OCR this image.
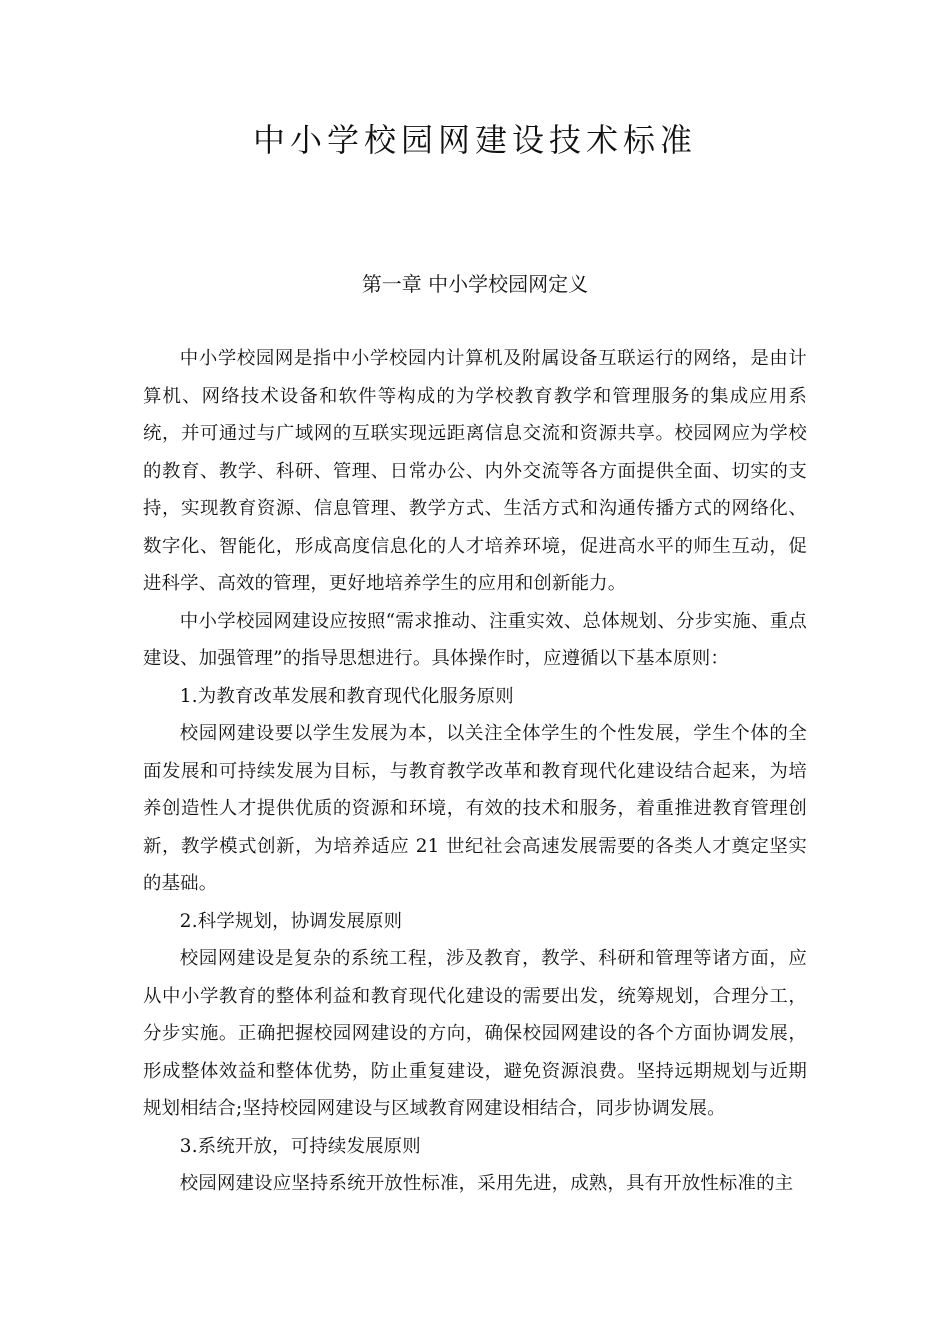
中小学校园网建设技术标准
第一章 中小学校园网定义

中小学校园网是指中小学校园内计算机及附属设备互联运行的网络，是由计算机、网络技术设备和软件等构成的为学校教育教学和管理服务的集成应用系统，并可通过与广域网的互联实现远距离信息交流和资源共享。校园网应为学校的教育、教学、科研、管理、日常办公、内外交流等各方面提供全面、切实的支持，实现教育资源、信息管理、教学方式、生活方式和沟通传播方式的网络化、数字化、智能化，形成高度信息化的人才培养环境，促进高水平的师生互动，促进科学、高效的管理，更好地培养学生的应用和创新能力。

中小学校园网建设应按照“需求推动、注重实效、总体规划、分步实施、重点建设、加强管理”的指导思想进行。具体操作时，应遵循以下基本原则：

1.为教育改革发展和教育现代化服务原则

校园网建设要以学生发展为本，以关注全体学生的个性发展，学生个体的全面发展和可持续发展为目标，与教育教学改革和教育现代化建设结合起来，为培养创造性人才提供优质的资源和环境，有效的技术和服务，着重推进教育管理创新，教学模式创新，为培养适应 21 世纪社会高速发展需要的各类人才奠定坚实的基础。

2.科学规划，协调发展原则

校园网建设是复杂的系统工程，涉及教育，教学、科研和管理等诸方面，应从中小学教育的整体利益和教育现代化建设的需要出发，统筹规划，合理分工，分步实施。正确把握校园网建设的方向，确保校园网建设的各个方面协调发展，形成整体效益和整体优势，防止重复建设，避免资源浪费。坚持远期规划与近期规划相结合;坚持校园网建设与区域教育网建设相结合，同步协调发展。

3.系统开放，可持续发展原则

校园网建设应坚持系统开放性标准，采用先进，成熟，具有开放性标准的主
